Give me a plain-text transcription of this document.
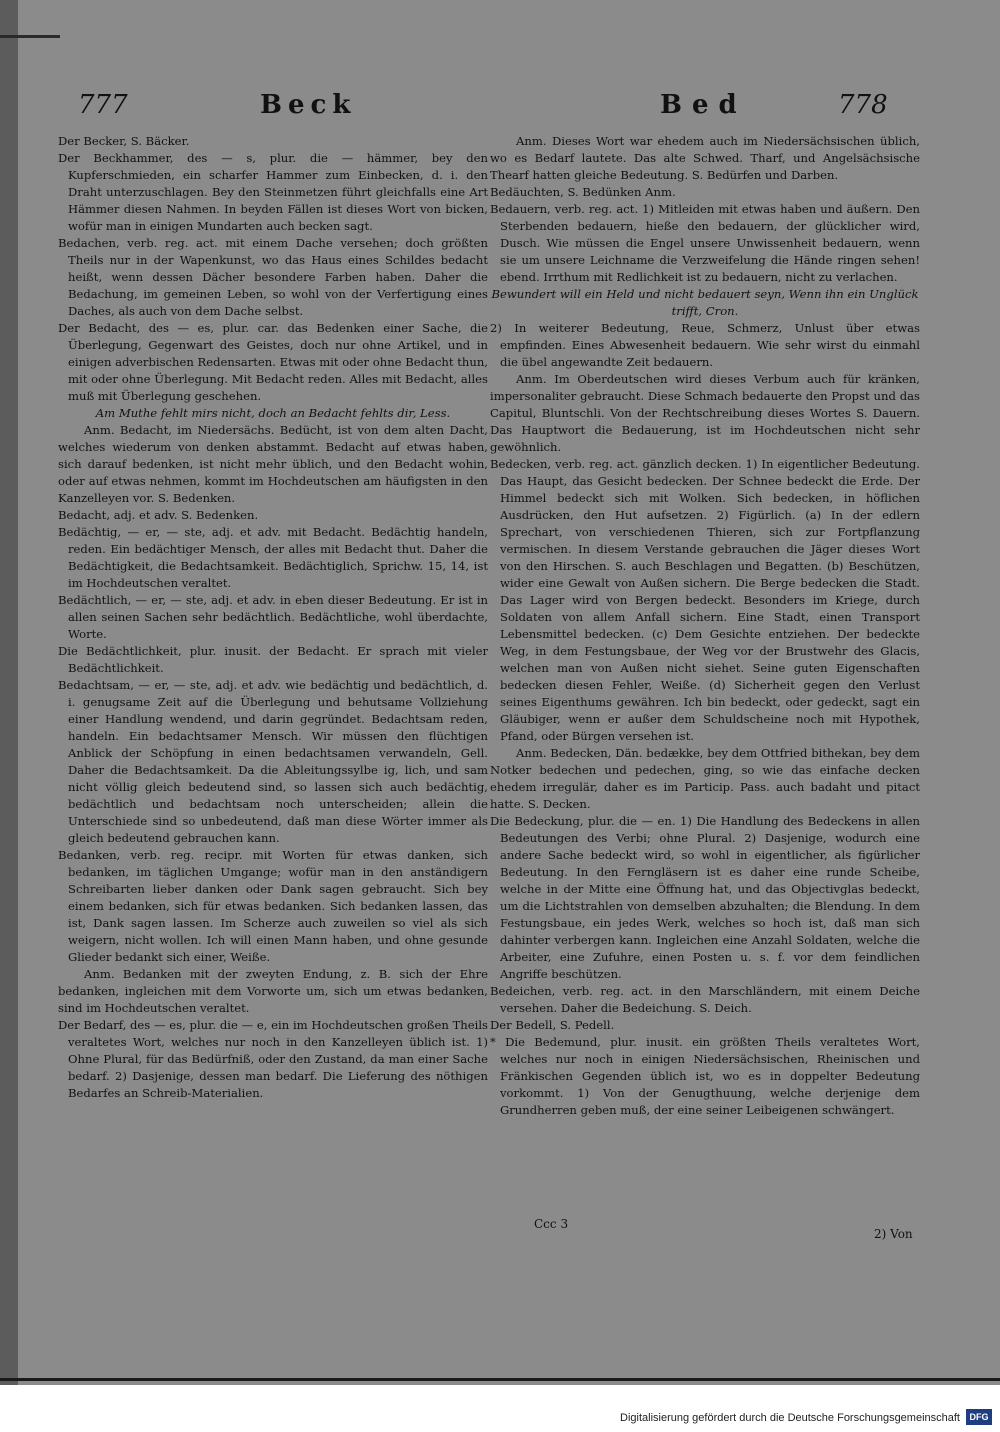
777	Beck	Bed	778

Der Becker, S. Bäcker.

Der Beckhammer, des — s, plur. die — hämmer, bey den Kupferschmieden, ein scharfer Hammer zum Einbecken, d. i. den Draht unterzuschlagen. Bey den Steinmetzen führt gleichfalls eine Art Hämmer diesen Nahmen. In beyden Fällen ist dieses Wort von bicken, wofür man in einigen Mundarten auch becken sagt.

Bedachen, verb. reg. act. mit einem Dache versehen; doch größten Theils nur in der Wapenkunst, wo das Haus eines Schildes bedacht heißt, wenn dessen Dächer besondere Farben haben. Daher die Bedachung, im gemeinen Leben, so wohl von der Verfertigung eines Daches, als auch von dem Dache selbst.

Der Bedacht, des — es, plur. car. das Bedenken einer Sache, die Überlegung, Gegenwart des Geistes, doch nur ohne Artikel, und in einigen adverbischen Redensarten. Etwas mit oder ohne Bedacht thun, mit oder ohne Überlegung. Mit Bedacht reden. Alles mit Bedacht, alles muß mit Überlegung geschehen.

Am Muthe fehlt mirs nicht, doch an Bedacht fehlts dir, Less.

Anm. Bedacht, im Niedersächs. Bedücht, ist von dem alten Dacht, welches wiederum von denken abstammt. Bedacht auf etwas haben, sich darauf bedenken, ist nicht mehr üblich, und den Bedacht wohin, oder auf etwas nehmen, kommt im Hochdeutschen am häufigsten in den Kanzelleyen vor. S. Bedenken.

Bedacht, adj. et adv. S. Bedenken.

Bedächtig, — er, — ste, adj. et adv. mit Bedacht. Bedächtig handeln, reden. Ein bedächtiger Mensch, der alles mit Bedacht thut. Daher die Bedächtigkeit, die Bedachtsamkeit. Bedächtiglich, Sprichw. 15, 14, ist im Hochdeutschen veraltet.

Bedächtlich, — er, — ste, adj. et adv. in eben dieser Bedeutung. Er ist in allen seinen Sachen sehr bedächtlich. Bedächtliche, wohl überdachte, Worte.

Die Bedächtlichkeit, plur. inusit. der Bedacht. Er sprach mit vieler Bedächtlichkeit.

Bedachtsam, — er, — ste, adj. et adv. wie bedächtig und bedächtlich, d. i. genugsame Zeit auf die Überlegung und behutsame Vollziehung einer Handlung wendend, und darin gegründet. Bedachtsam reden, handeln. Ein bedachtsamer Mensch. Wir müssen den flüchtigen Anblick der Schöpfung in einen bedachtsamen verwandeln, Gell. Daher die Bedachtsamkeit. Da die Ableitungssylbe ig, lich, und sam nicht völlig gleich bedeutend sind, so lassen sich auch bedächtig, bedächtlich und bedachtsam noch unterscheiden; allein die Unterschiede sind so unbedeutend, daß man diese Wörter immer als gleich bedeutend gebrauchen kann.

Bedanken, verb. reg. recipr. mit Worten für etwas danken, sich bedanken, im täglichen Umgange; wofür man in den anständigern Schreibarten lieber danken oder Dank sagen gebraucht. Sich bey einem bedanken, sich für etwas bedanken. Sich bedanken lassen, das ist, Dank sagen lassen. Im Scherze auch zuweilen so viel als sich weigern, nicht wollen. Ich will einen Mann haben, und ohne gesunde Glieder bedankt sich einer, Weiße.

Anm. Bedanken mit der zweyten Endung, z. B. sich der Ehre bedanken, ingleichen mit dem Vorworte um, sich um etwas bedanken, sind im Hochdeutschen veraltet.

Der Bedarf, des — es, plur. die — e, ein im Hochdeutschen großen Theils veraltetes Wort, welches nur noch in den Kanzelleyen üblich ist. 1) Ohne Plural, für das Bedürfniß, oder den Zustand, da man einer Sache bedarf. 2) Dasjenige, dessen man bedarf. Die Lieferung des nöthigen Bedarfes an Schreib-Materialien.

Anm. Dieses Wort war ehedem auch im Niedersächsischen üblich, wo es Bedarf lautete. Das alte Schwed. Tharf, und Angelsächsische Thearf hatten gleiche Bedeutung. S. Bedürfen und Darben.

Bedäuchten, S. Bedünken Anm.

Bedauern, verb. reg. act. 1) Mitleiden mit etwas haben und äußern. Den Sterbenden bedauern, hieße den bedauern, der glücklicher wird, Dusch. Wie müssen die Engel unsere Unwissenheit bedauern, wenn sie um unsere Leichname die Verzweifelung die Hände ringen sehen! ebend. Irrthum mit Redlichkeit ist zu bedauern, nicht zu verlachen.

Bewundert will ein Held und nicht bedauert seyn, Wenn ihn ein Unglück trifft, Cron.

2) In weiterer Bedeutung, Reue, Schmerz, Unlust über etwas empfinden. Eines Abwesenheit bedauern. Wie sehr wirst du einmahl die übel angewandte Zeit bedauern.

Anm. Im Oberdeutschen wird dieses Verbum auch für kränken, impersonaliter gebraucht. Diese Schmach bedauerte den Propst und das Capitul, Bluntschli. Von der Rechtschreibung dieses Wortes S. Dauern. Das Hauptwort die Bedauerung, ist im Hochdeutschen nicht sehr gewöhnlich.

Bedecken, verb. reg. act. gänzlich decken. 1) In eigentlicher Bedeutung. Das Haupt, das Gesicht bedecken. Der Schnee bedeckt die Erde. Der Himmel bedeckt sich mit Wolken. Sich bedecken, in höflichen Ausdrücken, den Hut aufsetzen. 2) Figürlich. (a) In der edlern Sprechart, von verschiedenen Thieren, sich zur Fortpflanzung vermischen. In diesem Verstande gebrauchen die Jäger dieses Wort von den Hirschen. S. auch Beschlagen und Begatten. (b) Beschützen, wider eine Gewalt von Außen sichern. Die Berge bedecken die Stadt. Das Lager wird von Bergen bedeckt. Besonders im Kriege, durch Soldaten von allem Anfall sichern. Eine Stadt, einen Transport Lebensmittel bedecken. (c) Dem Gesichte entziehen. Der bedeckte Weg, in dem Festungsbaue, der Weg vor der Brustwehr des Glacis, welchen man von Außen nicht siehet. Seine guten Eigenschaften bedecken diesen Fehler, Weiße. (d) Sicherheit gegen den Verlust seines Eigenthums gewähren. Ich bin bedeckt, oder gedeckt, sagt ein Gläubiger, wenn er außer dem Schuldscheine noch mit Hypothek, Pfand, oder Bürgen versehen ist.

Anm. Bedecken, Dän. bedække, bey dem Ottfried bithekan, bey dem Notker bedechen und pedechen, ging, so wie das einfache decken ehedem irregulär, daher es im Particip. Pass. auch badaht und pitact hatte. S. Decken.

Die Bedeckung, plur. die — en. 1) Die Handlung des Bedeckens in allen Bedeutungen des Verbi; ohne Plural. 2) Dasjenige, wodurch eine andere Sache bedeckt wird, so wohl in eigentlicher, als figürlicher Bedeutung. In den Ferngläsern ist es daher eine runde Scheibe, welche in der Mitte eine Öffnung hat, und das Objectivglas bedeckt, um die Lichtstrahlen von demselben abzuhalten; die Blendung. In dem Festungsbaue, ein jedes Werk, welches so hoch ist, daß man sich dahinter verbergen kann. Ingleichen eine Anzahl Soldaten, welche die Arbeiter, eine Zufuhre, einen Posten u. s. f. vor dem feindlichen Angriffe beschützen.

Bedeichen, verb. reg. act. in den Marschländern, mit einem Deiche versehen. Daher die Bedeichung. S. Deich.

Der Bedell, S. Pedell.

* Die Bedemund, plur. inusit. ein größten Theils veraltetes Wort, welches nur noch in einigen Niedersächsischen, Rheinischen und Fränkischen Gegenden üblich ist, wo es in doppelter Bedeutung vorkommt. 1) Von der Genugthuung, welche derjenige dem Grundherren geben muß, der eine seiner Leibeigenen schwängert.

Ccc 3
2) Von
Digitalisierung gefördert durch die Deutsche Forschungsgemeinschaft	DFG
